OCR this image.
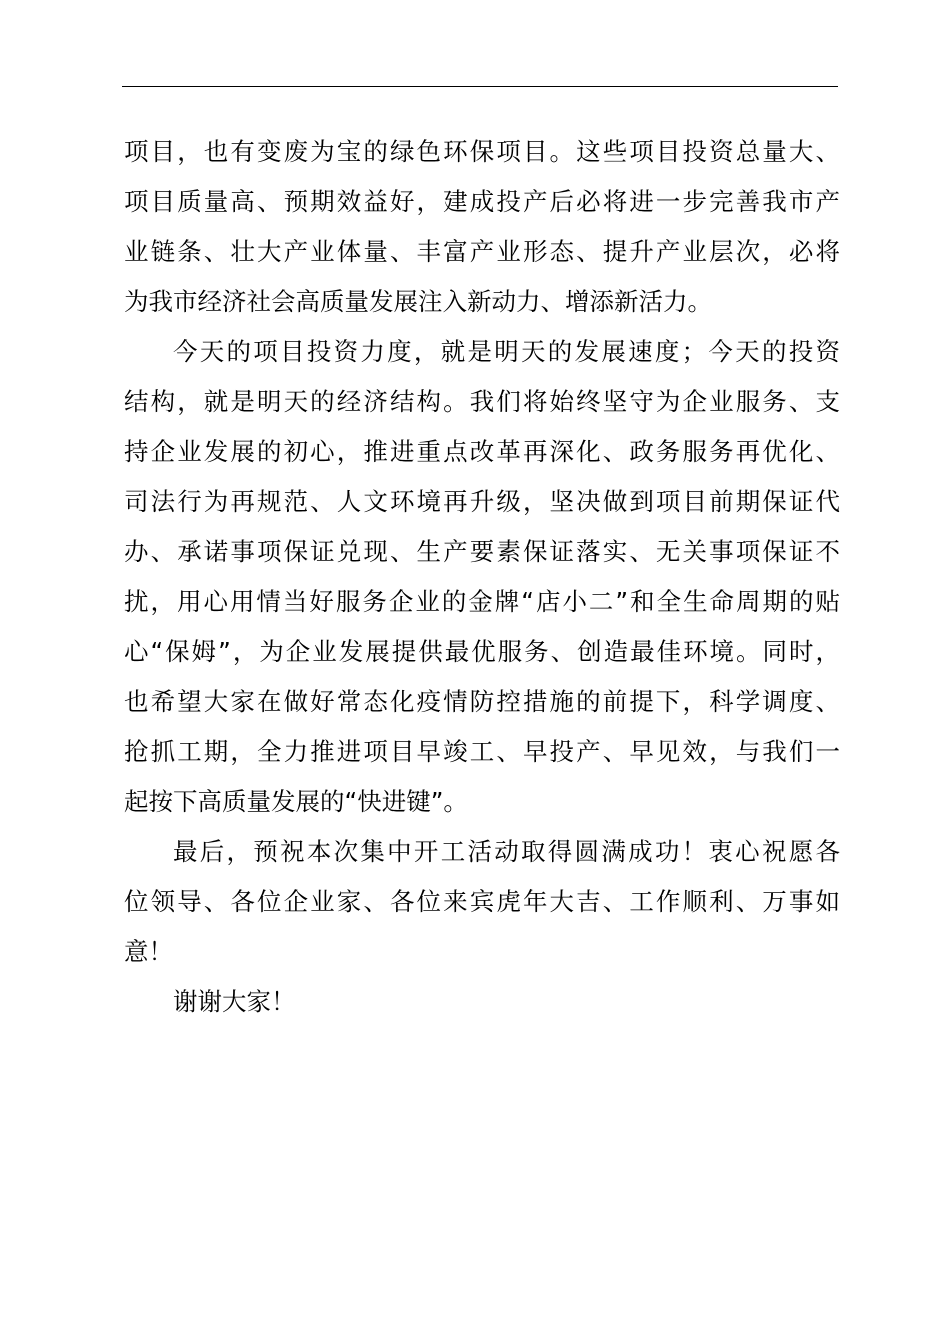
项目，也有变废为宝的绿色环保项目。这些项目投资总量大、
项目质量高、预期效益好，建成投产后必将进一步完善我市产
业链条、壮大产业体量、丰富产业形态、提升产业层次，必将
为我市经济社会高质量发展注入新动力、增添新活力。
今天的项目投资力度，就是明天的发展速度；今天的投资
结构，就是明天的经济结构。我们将始终坚守为企业服务、支
持企业发展的初心，推进重点改革再深化、政务服务再优化、
司法行为再规范、人文环境再升级，坚决做到项目前期保证代
办、承诺事项保证兑现、生产要素保证落实、无关事项保证不
扰，用心用情当好服务企业的金牌“店小二”和全生命周期的贴
心“保姆”，为企业发展提供最优服务、创造最佳环境。同时，
也希望大家在做好常态化疫情防控措施的前提下，科学调度、
抢抓工期，全力推进项目早竣工、早投产、早见效，与我们一
起按下高质量发展的“快进键”。
最后，预祝本次集中开工活动取得圆满成功！衷心祝愿各
位领导、各位企业家、各位来宾虎年大吉、工作顺利、万事如
意！
谢谢大家！
